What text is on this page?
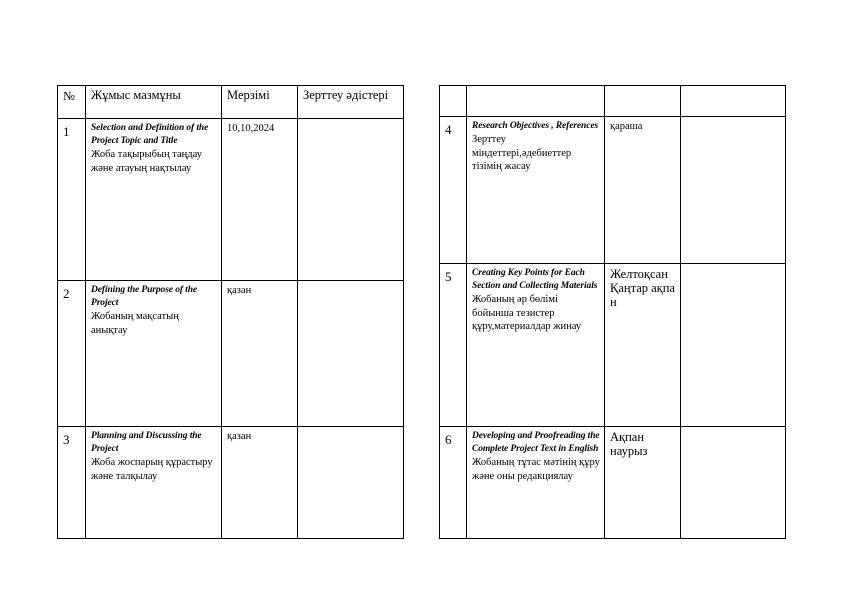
№	Жұмыс мазмұны	Мерзімі	Зерттеу әдістері
1	Selection and Definition of the Project Topic and Title
Жоба тақырыбың таңдау және атауың нақтылау	10,10,2024	
2	Defining the Purpose of the Project
Жобаның мақсатың анықтау	қазан	
3	Planning and Discussing the Project
Жоба жоспарың құрастыру және талқылау	қазан	

4	Research Objectives , References
Зерттеу міндеттері,әдебиеттер тізімің жасау	қараша	
5	Creating Key Points for Each Section and Collecting Materials
Жобаның әр бөлімі бойынша тезистер құру,материалдар жинау	Желтоқсан Қаңтар ақпан	
6	Developing and Proofreading the Complete Project Text in English
Жобаның тұтас мәтінің құру және оны редакциялау	Ақпан наурыз	
